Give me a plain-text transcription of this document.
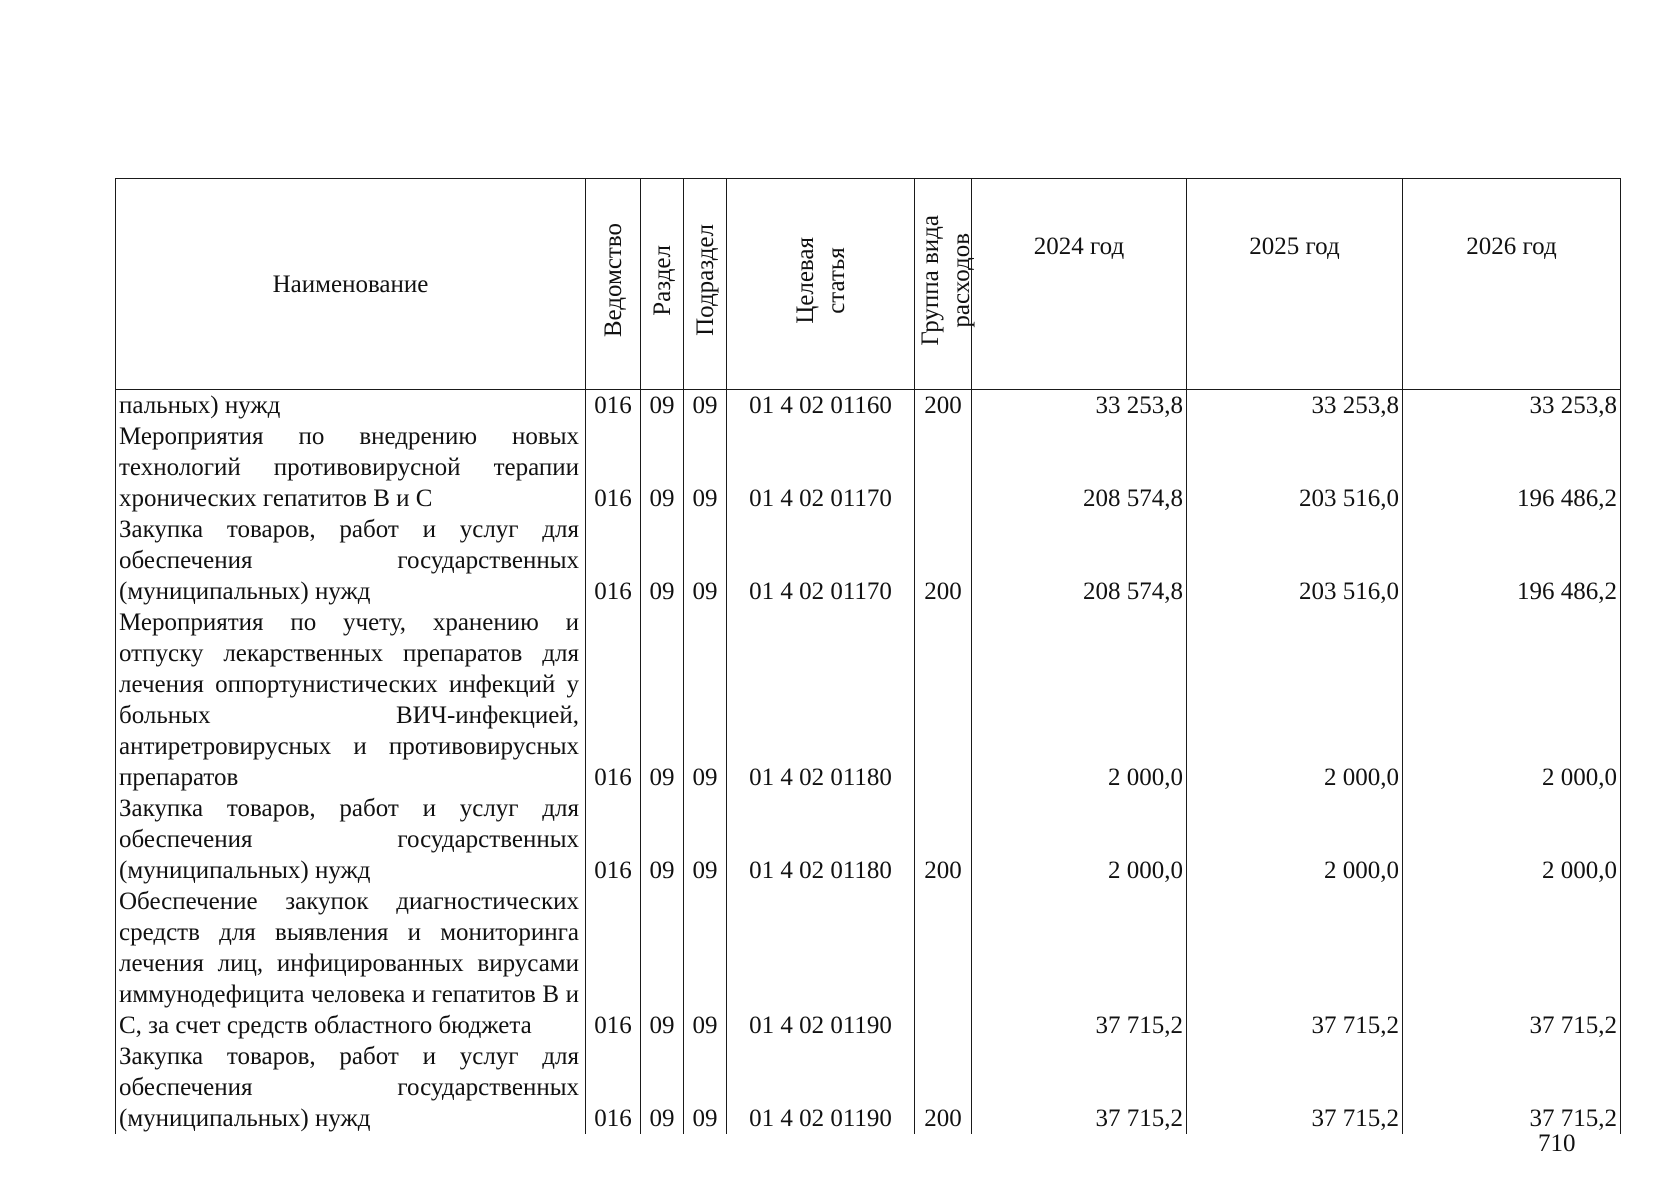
Наименование	Ведомство	Раздел	Подраздел	Целевая статья	Группа вида расходов	2024 год	2025 год	2026 год
пальных) нужд	016	09	09	01 4 02 01160	200	33 253,8	33 253,8	33 253,8
Мероприятия по внедрению новых технологий противовирусной терапии хронических гепатитов В и С	016	09	09	01 4 02 01170		208 574,8	203 516,0	196 486,2
Закупка товаров, работ и услуг для обеспечения государственных (муниципальных) нужд	016	09	09	01 4 02 01170	200	208 574,8	203 516,0	196 486,2
Мероприятия по учету, хранению и отпуску лекарственных препаратов для лечения оппортунистических инфекций у больных ВИЧ-инфекцией, антиретровирусных и противовирусных препаратов	016	09	09	01 4 02 01180		2 000,0	2 000,0	2 000,0
Закупка товаров, работ и услуг для обеспечения государственных (муниципальных) нужд	016	09	09	01 4 02 01180	200	2 000,0	2 000,0	2 000,0
Обеспечение закупок диагностических средств для выявления и мониторинга лечения лиц, инфицированных вирусами иммунодефицита человека и гепатитов В и С, за счет средств областного бюджета	016	09	09	01 4 02 01190		37 715,2	37 715,2	37 715,2
Закупка товаров, работ и услуг для обеспечения государственных (муниципальных) нужд	016	09	09	01 4 02 01190	200	37 715,2	37 715,2	37 715,2
710
